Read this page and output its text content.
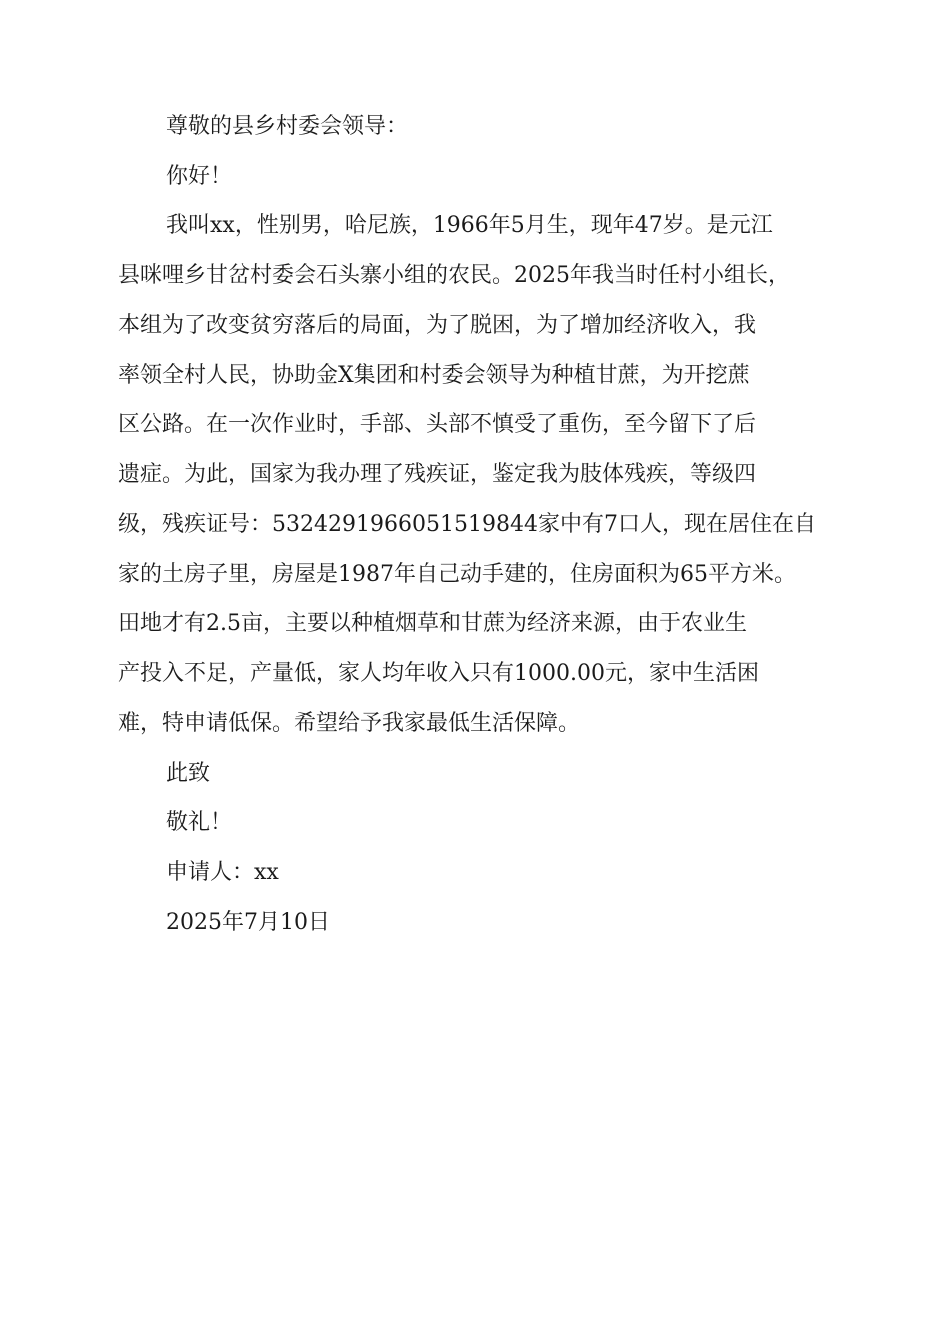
尊敬的县乡村委会领导：
你好！
我叫xx，性别男，哈尼族，1966年5月生，现年47岁。是元江
县咪哩乡甘岔村委会石头寨小组的农民。2025年我当时任村小组长，
本组为了改变贫穷落后的局面，为了脱困，为了增加经济收入，我
率领全村人民，协助金X集团和村委会领导为种植甘蔗，为开挖蔗
区公路。在一次作业时，手部、头部不慎受了重伤，至今留下了后
遗症。为此，国家为我办理了残疾证，鉴定我为肢体残疾，等级四
级，残疾证号：5324291966051519844家中有7口人，现在居住在自
家的土房子里，房屋是1987年自己动手建的，住房面积为65平方米。
田地才有2.5亩，主要以种植烟草和甘蔗为经济来源，由于农业生
产投入不足，产量低，家人均年收入只有1000.00元，家中生活困
难，特申请低保。希望给予我家最低生活保障。
此致
敬礼！
申请人：xx
2025年7月10日
